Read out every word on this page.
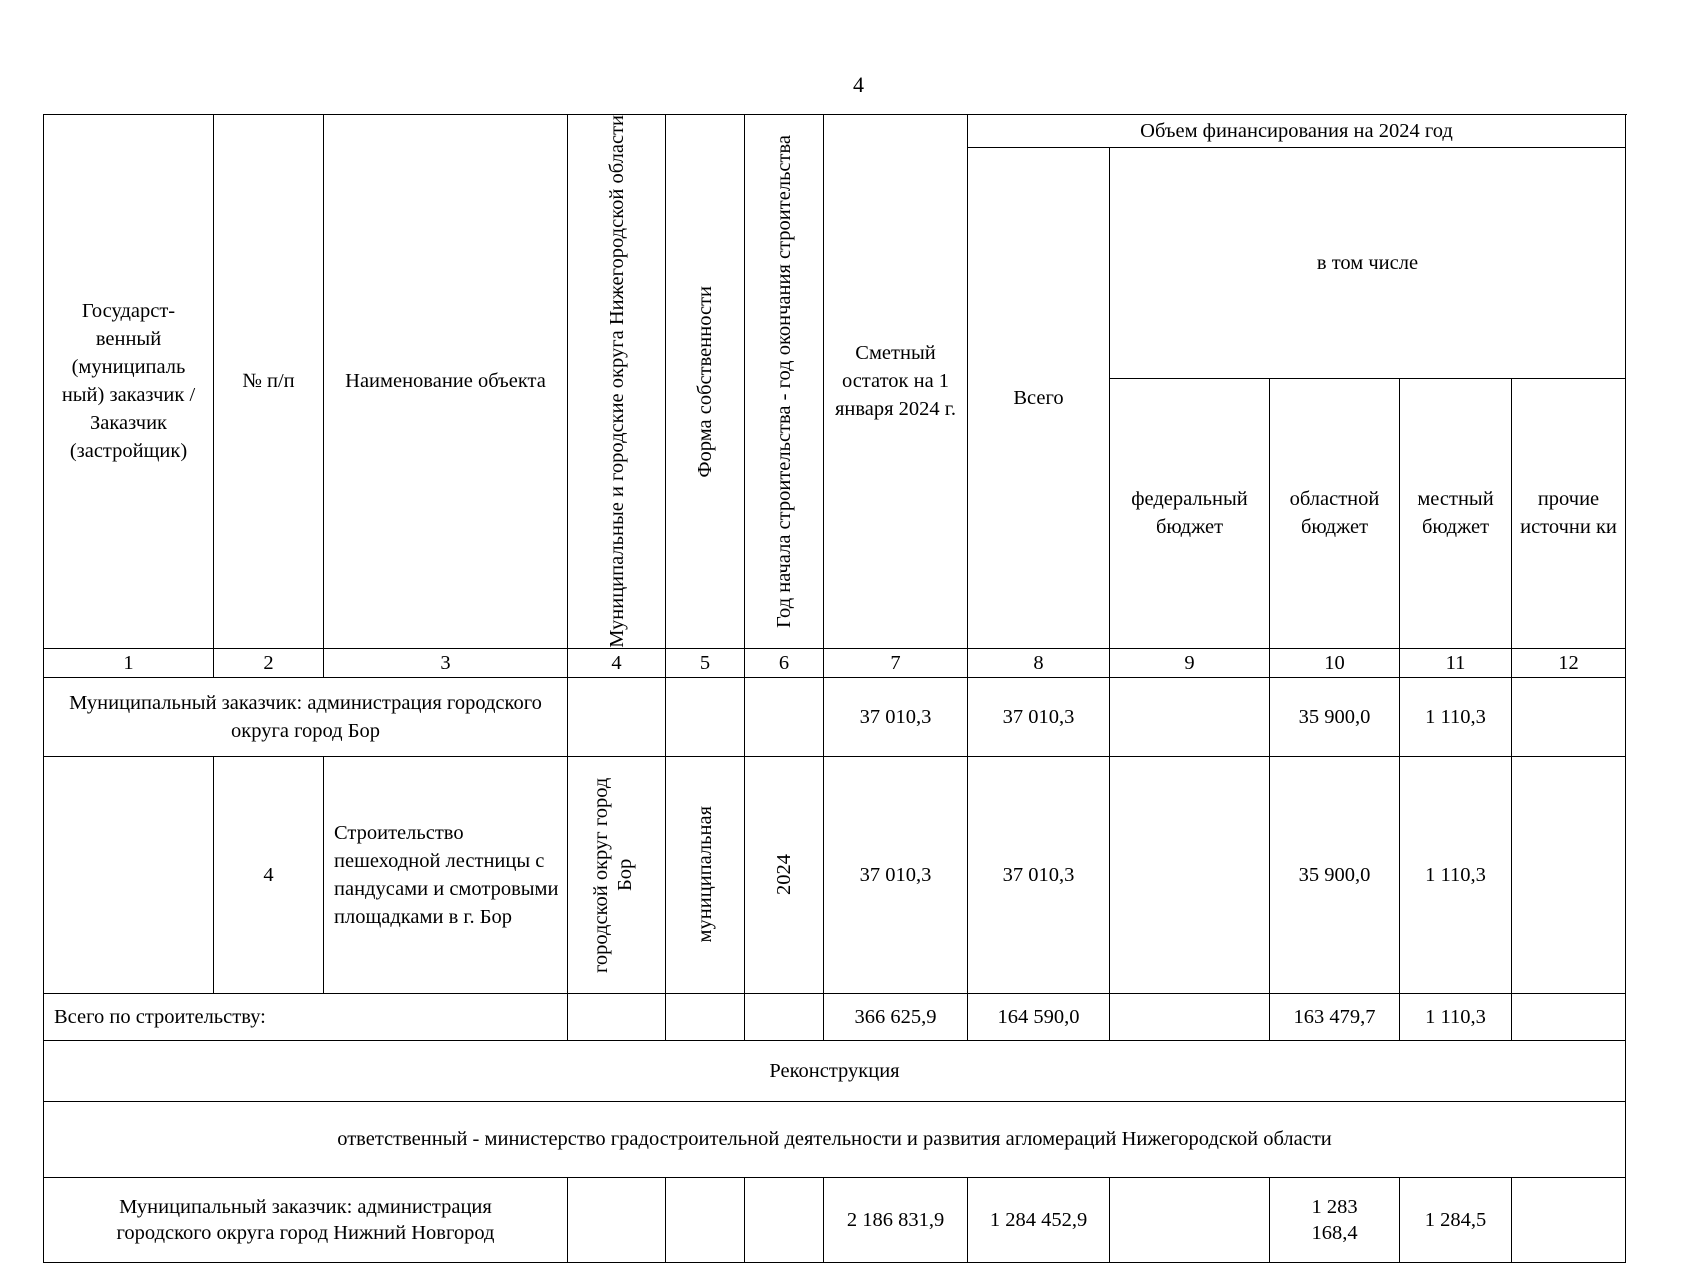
4
Государст-венный (муниципаль ный) заказчик / Заказчик (застройщик)	№ п/п	Наименование объекта	Муниципальные и городские округа Нижегородской области	Форма собственности	Год начала строительства - год окончания строительства	Сметный остаток на 1 января 2024 г.	Объем финансирования на 2024 год				
							Всего	в том числе			
								федеральный бюджет	областной бюджет	местный бюджет	прочие источни ки
1	2	3	4	5	6	7	8	9	10	11	12
Муниципальный заказчик: администрация городского округа город Бор						37 010,3	37 010,3		35 900,0	1 110,3	
	4	Строительство пешеходной лестницы с пандусами и смотровыми площадками в г. Бор	городской округ город Бор	муниципальная	2024	37 010,3	37 010,3		35 900,0	1 110,3	
Всего по строительству:						366 625,9	164 590,0		163 479,7	1 110,3	
Реконструкция											
ответственный - министерство градостроительной деятельности и развития агломераций Нижегородской области											
Муниципальный заказчик: администрация городского округа город Нижний Новгород						2 186 831,9	1 284 452,9		1 283 168,4	1 284,5	
